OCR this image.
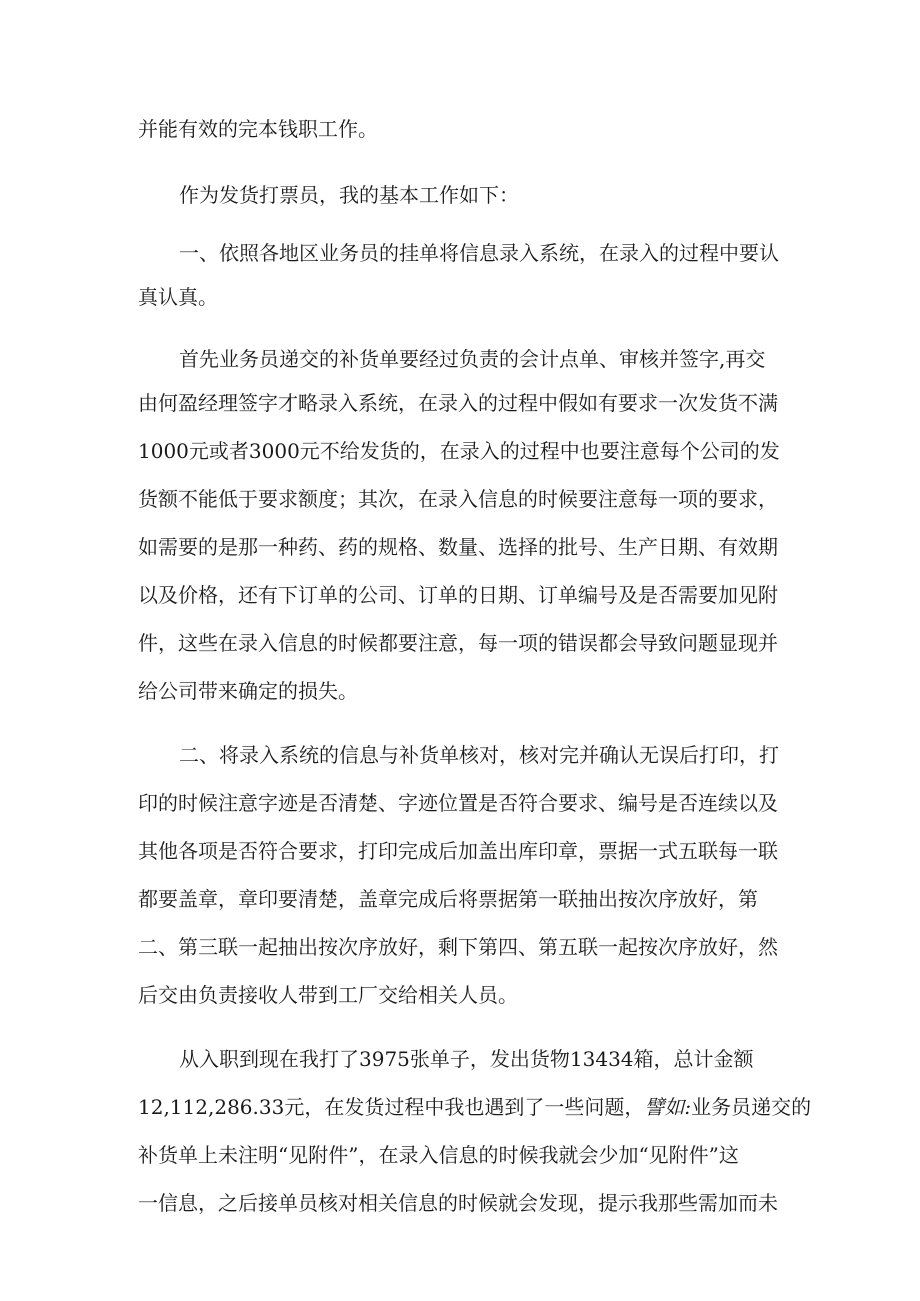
并能有效的完本钱职工作。

作为发货打票员，我的基本工作如下：

一、依照各地区业务员的挂单将信息录入系统，在录入的过程中要认

真认真。

首先业务员递交的补货单要经过负责的会计点单、审核并签字,再交

由何盈经理签字才略录入系统，在录入的过程中假如有要求一次发货不满

1000元或者3000元不给发货的，在录入的过程中也要注意每个公司的发

货额不能低于要求额度；其次，在录入信息的时候要注意每一项的要求，

如需要的是那一种药、药的规格、数量、选择的批号、生产日期、有效期

以及价格，还有下订单的公司、订单的日期、订单编号及是否需要加见附

件，这些在录入信息的时候都要注意，每一项的错误都会导致问题显现并

给公司带来确定的损失。

二、将录入系统的信息与补货单核对，核对完并确认无误后打印，打

印的时候注意字迹是否清楚、字迹位置是否符合要求、编号是否连续以及

其他各项是否符合要求，打印完成后加盖出库印章，票据一式五联每一联

都要盖章，章印要清楚，盖章完成后将票据第一联抽出按次序放好，第

二、第三联一起抽出按次序放好，剩下第四、第五联一起按次序放好，然

后交由负责接收人带到工厂交给相关人员。

从入职到现在我打了3975张单子，发出货物13434箱，总计金额

12,112,286.33元，在发货过程中我也遇到了一些问题，譬如:业务员递交的

补货单上未注明“见附件”，在录入信息的时候我就会少加“见附件”这

一信息，之后接单员核对相关信息的时候就会发现，提示我那些需加而未
